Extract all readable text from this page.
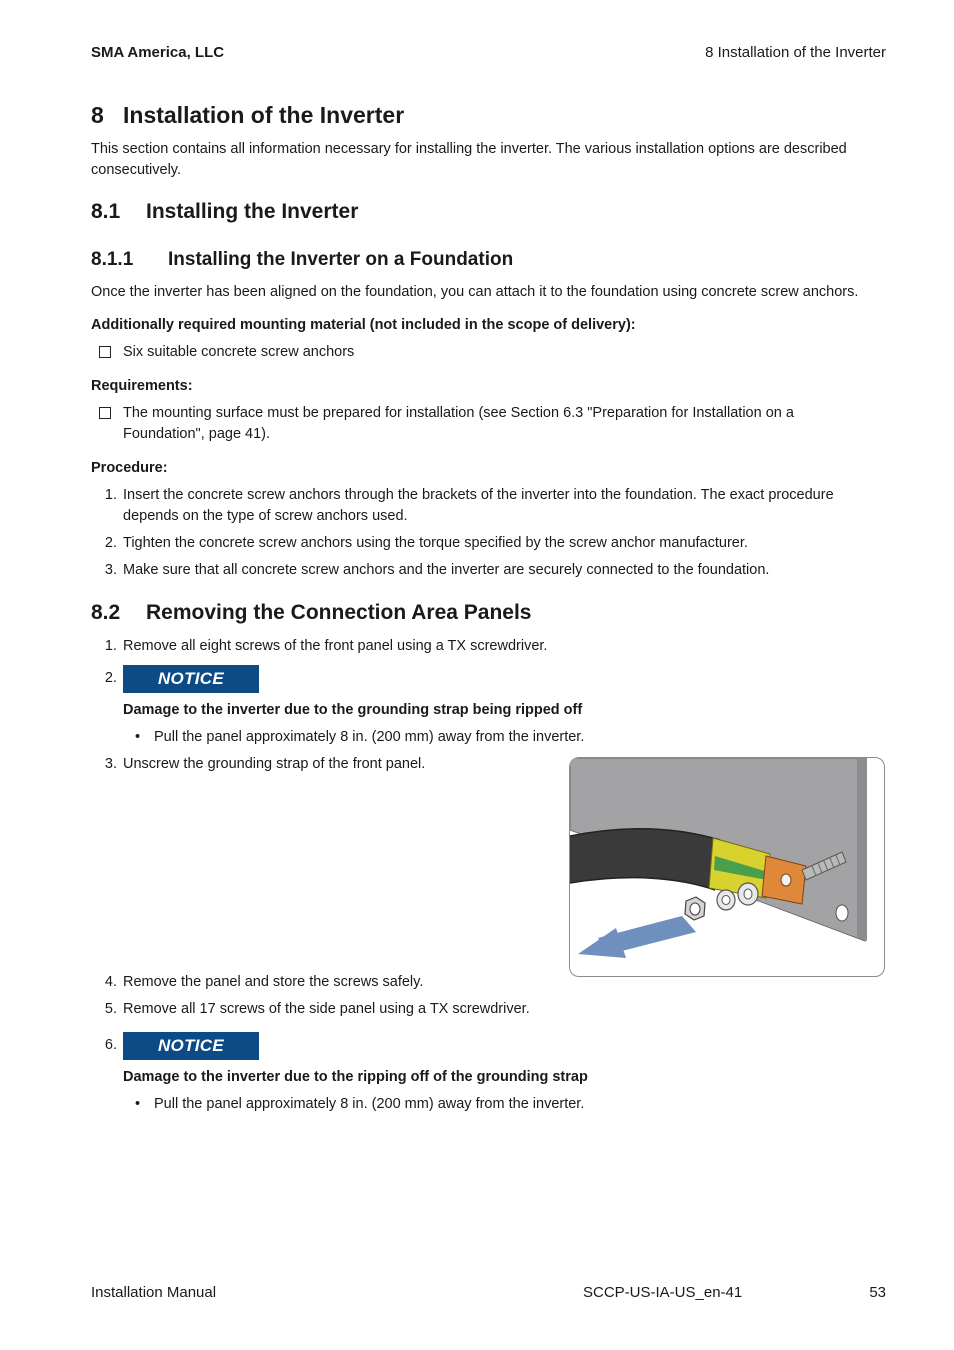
SMA America, LLC	8 Installation of the Inverter
8 Installation of the Inverter
This section contains all information necessary for installing the inverter. The various installation options are described consecutively.
8.1 Installing the Inverter
8.1.1 Installing the Inverter on a Foundation
Once the inverter has been aligned on the foundation, you can attach it to the foundation using concrete screw anchors.
Additionally required mounting material (not included in the scope of delivery):
Six suitable concrete screw anchors
Requirements:
The mounting surface must be prepared for installation (see Section 6.3 "Preparation for Installation on a Foundation", page 41).
Procedure:
1. Insert the concrete screw anchors through the brackets of the inverter into the foundation. The exact procedure depends on the type of screw anchors used.
2. Tighten the concrete screw anchors using the torque specified by the screw anchor manufacturer.
3. Make sure that all concrete screw anchors and the inverter are securely connected to the foundation.
8.2 Removing the Connection Area Panels
1. Remove all eight screws of the front panel using a TX screwdriver.
2.	NOTICE
Damage to the inverter due to the grounding strap being ripped off
• Pull the panel approximately 8 in. (200 mm) away from the inverter.
3. Unscrew the grounding strap of the front panel.
4. Remove the panel and store the screws safely.
5. Remove all 17 screws of the side panel using a TX screwdriver.
6.	NOTICE
Damage to the inverter due to the ripping off of the grounding strap
• Pull the panel approximately 8 in. (200 mm) away from the inverter.
Installation Manual	SCCP-US-IA-US_en-41	53
